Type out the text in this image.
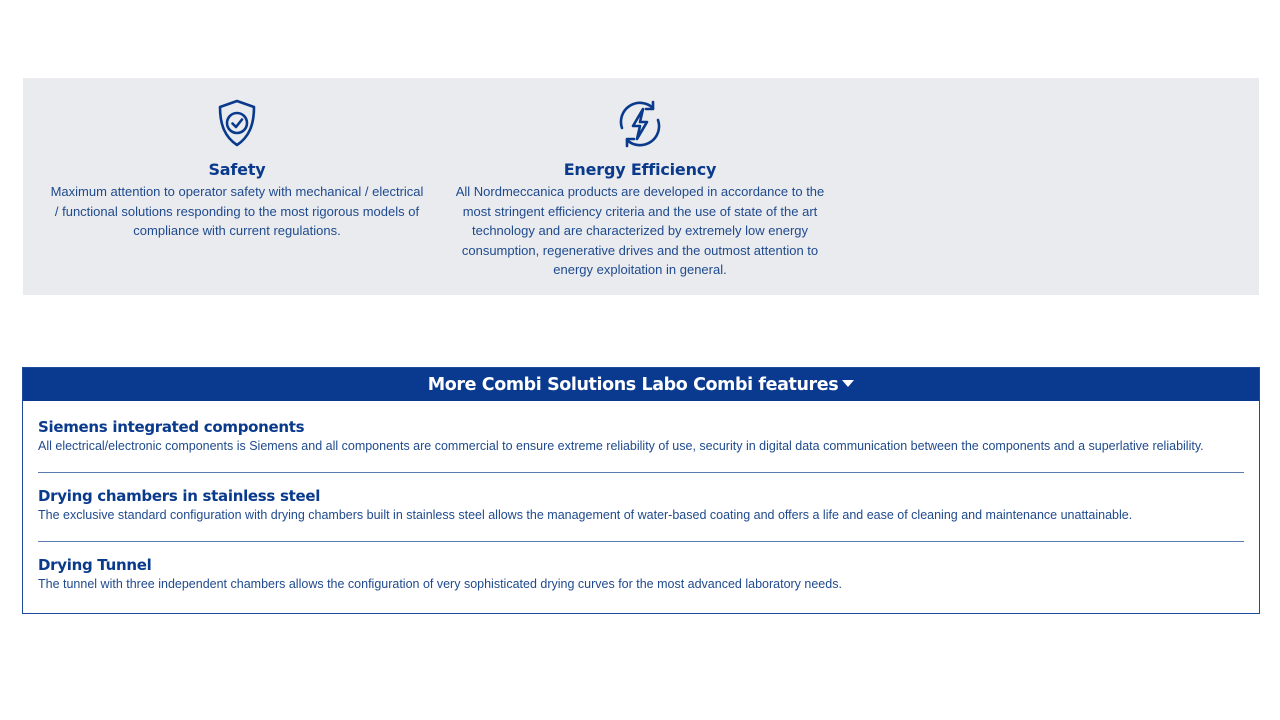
Safety
Maximum attention to operator safety with mechanical / electrical / functional solutions responding to the most rigorous models of compliance with current regulations.
Energy Efficiency
All Nordmeccanica products are developed in accordance to the most stringent efficiency criteria and the use of state of the art technology and are characterized by extremely low energy consumption, regenerative drives and the outmost attention to energy exploitation in general.
More Combi Solutions Labo Combi features
Siemens integrated components

All electrical/electronic components is Siemens and all components are commercial to ensure extreme reliability of use, security in digital data communication between the components and a superlative reliability.

Drying chambers in stainless steel

The exclusive standard configuration with drying chambers built in stainless steel allows the management of water-based coating and offers a life and ease of cleaning and maintenance unattainable.

Drying Tunnel

The tunnel with three independent chambers allows the configuration of very sophisticated drying curves for the most advanced laboratory needs.
